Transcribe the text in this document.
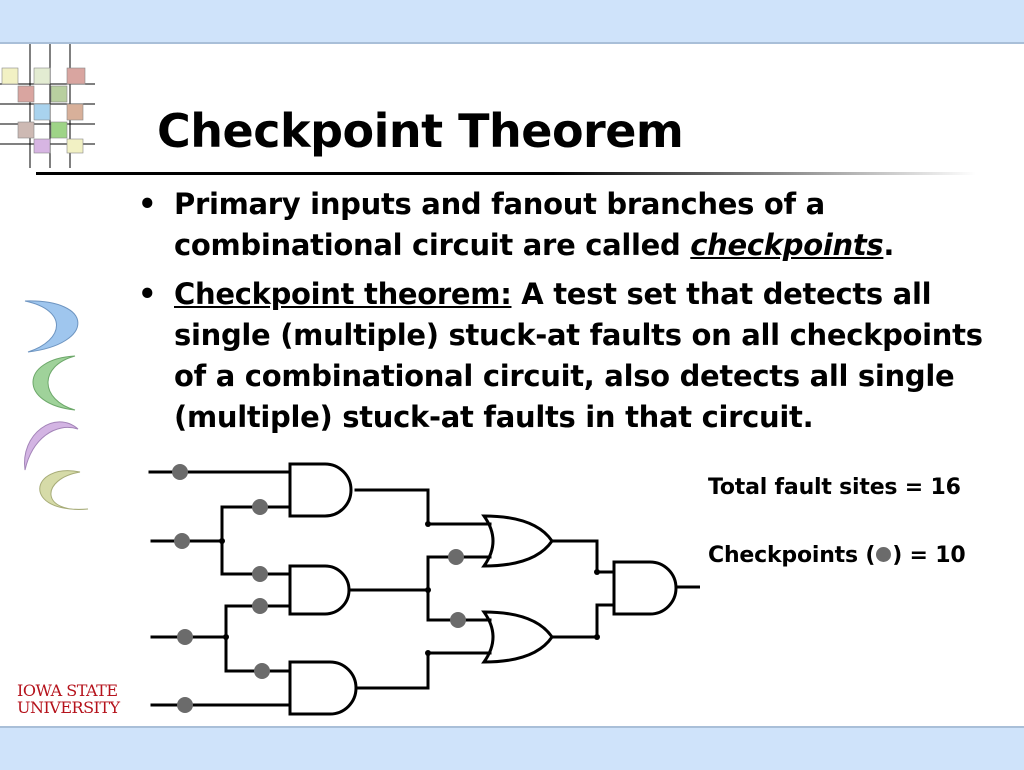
Checkpoint Theorem
• Primary inputs and fanout branches of a combinational circuit are called checkpoints.
• Checkpoint theorem: A test set that detects all single (multiple) stuck-at faults on all checkpoints of a combinational circuit, also detects all single (multiple) stuck-at faults in that circuit.
Total fault sites = 16
Checkpoints ( ) = 10
IOWA STATE
UNIVERSITY
